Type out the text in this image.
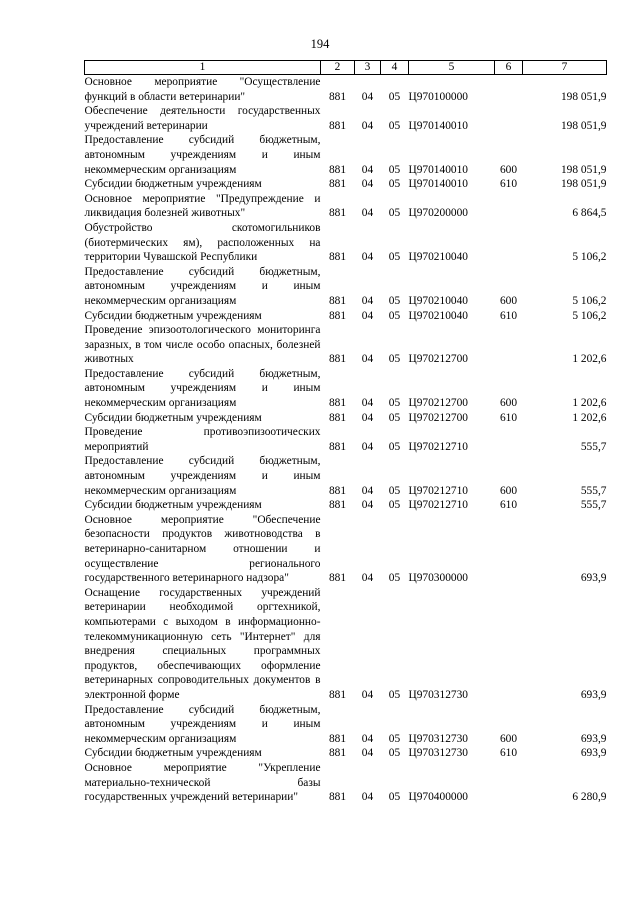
194
1	2	3	4	5	6	7
Основное мероприятие "Осуществление функций в области ветеринарии"	881	04	05	Ц970100000		198 051,9
Обеспечение деятельности государственных учреждений ветеринарии	881	04	05	Ц970140010		198 051,9
Предоставление субсидий бюджетным, автономным учреждениям и иным некоммерческим организациям	881	04	05	Ц970140010	600	198 051,9
Субсидии бюджетным учреждениям	881	04	05	Ц970140010	610	198 051,9
Основное мероприятие "Предупреждение и ликвидация болезней животных"	881	04	05	Ц970200000		6 864,5
Обустройство скотомогильников (биотермических ям), расположенных на территории Чувашской Республики	881	04	05	Ц970210040		5 106,2
Предоставление субсидий бюджетным, автономным учреждениям и иным некоммерческим организациям	881	04	05	Ц970210040	600	5 106,2
Субсидии бюджетным учреждениям	881	04	05	Ц970210040	610	5 106,2
Проведение эпизоотологического мониторинга заразных, в том числе особо опасных, болезней животных	881	04	05	Ц970212700		1 202,6
Предоставление субсидий бюджетным, автономным учреждениям и иным некоммерческим организациям	881	04	05	Ц970212700	600	1 202,6
Субсидии бюджетным учреждениям	881	04	05	Ц970212700	610	1 202,6
Проведение противоэпизоотических мероприятий	881	04	05	Ц970212710		555,7
Предоставление субсидий бюджетным, автономным учреждениям и иным некоммерческим организациям	881	04	05	Ц970212710	600	555,7
Субсидии бюджетным учреждениям	881	04	05	Ц970212710	610	555,7
Основное мероприятие "Обеспечение безопасности продуктов животноводства в ветеринарно-санитарном отношении и осуществление регионального государственного ветеринарного надзора"	881	04	05	Ц970300000		693,9
Оснащение государственных учреждений ветеринарии необходимой оргтехникой, компьютерами с выходом в информационно-телекоммуникационную сеть "Интернет" для внедрения специальных программных продуктов, обеспечивающих оформление ветеринарных сопроводительных документов в электронной форме	881	04	05	Ц970312730		693,9
Предоставление субсидий бюджетным, автономным учреждениям и иным некоммерческим организациям	881	04	05	Ц970312730	600	693,9
Субсидии бюджетным учреждениям	881	04	05	Ц970312730	610	693,9
Основное мероприятие "Укрепление материально-технической базы государственных учреждений ветеринарии"	881	04	05	Ц970400000		6 280,9
